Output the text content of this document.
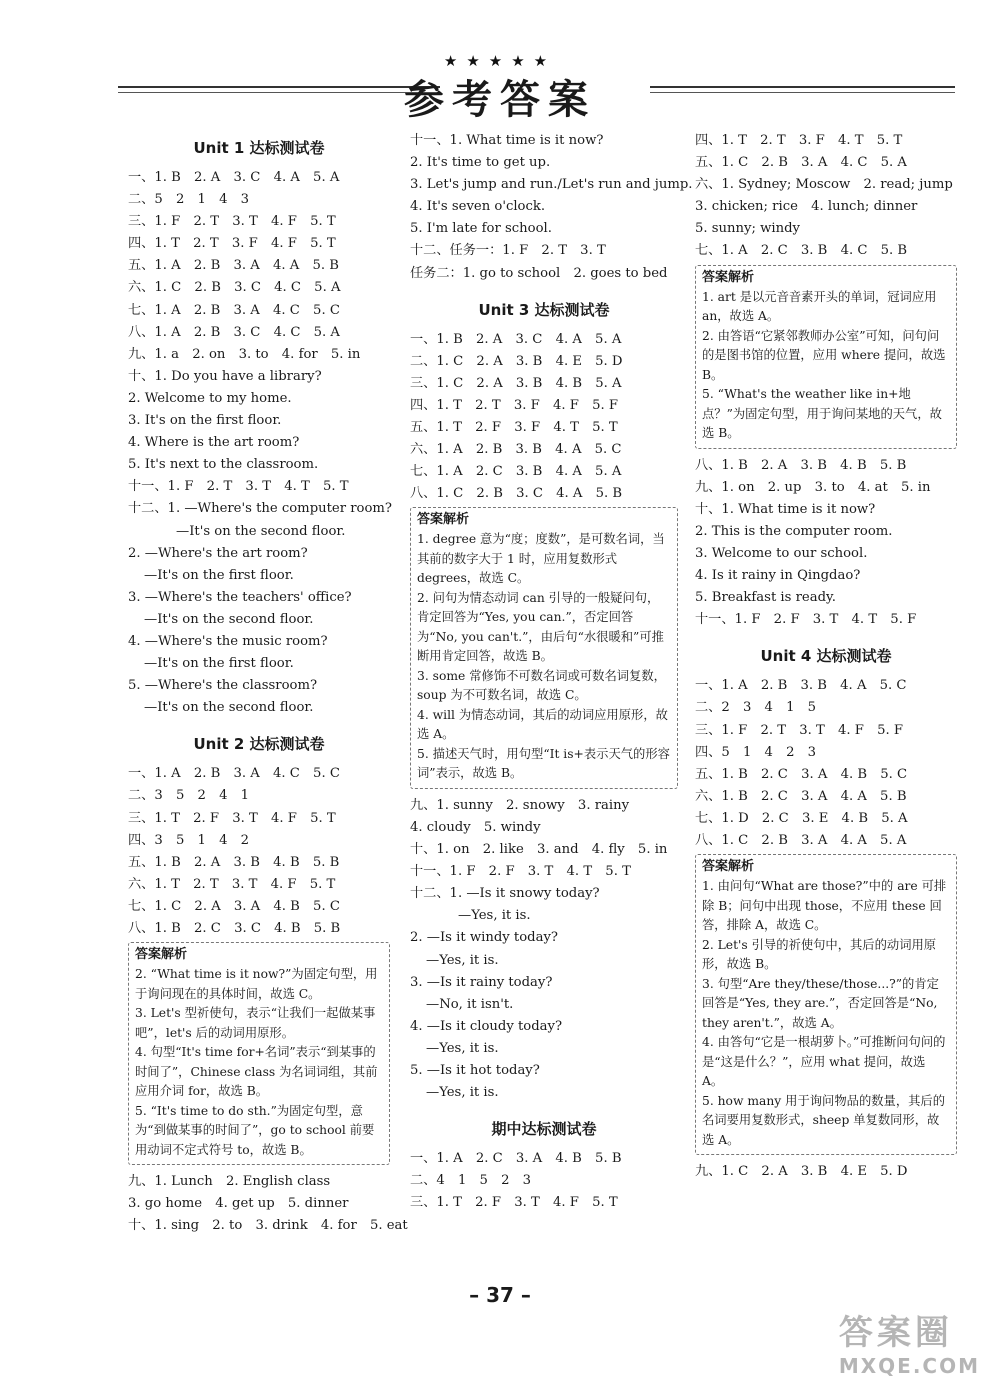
★★★★★
参考答案
Unit 1 达标测试卷
一、1. B　2. A　3. C　4. A　5. A
二、5　2　1　4　3
三、1. F　2. T　3. T　4. F　5. T
四、1. T　2. T　3. F　4. F　5. T
五、1. A　2. B　3. A　4. A　5. B
六、1. C　2. B　3. C　4. C　5. A
七、1. A　2. B　3. A　4. C　5. C
八、1. A　2. B　3. C　4. C　5. A
九、1. a　2. on　3. to　4. for　5. in
十、1. Do you have a library?
2. Welcome to my home.
3. It's on the first floor.
4. Where is the art room?
5. It's next to the classroom.
十一、1. F　2. T　3. T　4. T　5. T
十二、1. —Where's the computer room?
—It's on the second floor.
2. —Where's the art room?
—It's on the first floor.
3. —Where's the teachers' office?
—It's on the second floor.
4. —Where's the music room?
—It's on the first floor.
5. —Where's the classroom?
—It's on the second floor.
Unit 2 达标测试卷
一、1. A　2. B　3. A　4. C　5. C
二、3　5　2　4　1
三、1. T　2. F　3. T　4. F　5. T
四、3　5　1　4　2
五、1. B　2. A　3. B　4. B　5. B
六、1. T　2. T　3. T　4. F　5. T
七、1. C　2. A　3. A　4. B　5. C
八、1. B　2. C　3. C　4. B　5. B
答案解析
2. “What time is it now?”为固定句型，用于询问现在的具体时间，故选 C。
3. Let's 型祈使句，表示“让我们一起做某事吧”，let's 后的动词用原形。
4. 句型“It's time for+名词”表示“到某事的时间了”，Chinese class 为名词词组，其前应用介词 for，故选 B。
5. “It's time to do sth.”为固定句型，意为“到做某事的时间了”，go to school 前要用动词不定式符号 to，故选 B。
九、1. Lunch　2. English class
3. go home　4. get up　5. dinner
十、1. sing　2. to　3. drink　4. for　5. eat
十一、1. What time is it now?
2. It's time to get up.
3. Let's jump and run./Let's run and jump.
4. It's seven o'clock.
5. I'm late for school.
十二、任务一：1. F　2. T　3. T
任务二：1. go to school　2. goes to bed
Unit 3 达标测试卷
一、1. B　2. A　3. C　4. A　5. A
二、1. C　2. A　3. B　4. E　5. D
三、1. C　2. A　3. B　4. B　5. A
四、1. T　2. T　3. F　4. F　5. F
五、1. T　2. F　3. F　4. T　5. T
六、1. A　2. B　3. B　4. A　5. C
七、1. A　2. C　3. B　4. A　5. A
八、1. C　2. B　3. C　4. A　5. B
答案解析
1. degree 意为“度；度数”，是可数名词，当其前的数字大于 1 时，应用复数形式 degrees，故选 C。
2. 问句为情态动词 can 引导的一般疑问句，肯定回答为“Yes, you can.”，否定回答为“No, you can't.”，由后句“水很暖和”可推断用肯定回答，故选 B。
3. some 常修饰不可数名词或可数名词复数，soup 为不可数名词，故选 C。
4. will 为情态动词，其后的动词应用原形，故选 A。
5. 描述天气时，用句型“It is+表示天气的形容词”表示，故选 B。
九、1. sunny　2. snowy　3. rainy
4. cloudy　5. windy
十、1. on　2. like　3. and　4. fly　5. in
十一、1. F　2. F　3. T　4. T　5. T
十二、1. —Is it snowy today?
—Yes, it is.
2. —Is it windy today?
—Yes, it is.
3. —Is it rainy today?
—No, it isn't.
4. —Is it cloudy today?
—Yes, it is.
5. —Is it hot today?
—Yes, it is.
期中达标测试卷
一、1. A　2. C　3. A　4. B　5. B
二、4　1　5　2　3
三、1. T　2. F　3. T　4. F　5. T
四、1. T　2. T　3. F　4. T　5. T
五、1. C　2. B　3. A　4. C　5. A
六、1. Sydney; Moscow　2. read; jump
3. chicken; rice　4. lunch; dinner
5. sunny; windy
七、1. A　2. C　3. B　4. C　5. B
答案解析
1. art 是以元音音素开头的单词，冠词应用 an，故选 A。
2. 由答语“它紧邻教师办公室”可知，问句问的是图书馆的位置，应用 where 提问，故选 B。
5. “What's the weather like in+地点？”为固定句型，用于询问某地的天气，故选 B。
八、1. B　2. A　3. B　4. B　5. B
九、1. on　2. up　3. to　4. at　5. in
十、1. What time is it now?
2. This is the computer room.
3. Welcome to our school.
4. Is it rainy in Qingdao?
5. Breakfast is ready.
十一、1. F　2. F　3. T　4. T　5. F
Unit 4 达标测试卷
一、1. A　2. B　3. B　4. A　5. C
二、2　3　4　1　5
三、1. F　2. T　3. T　4. F　5. F
四、5　1　4　2　3
五、1. B　2. C　3. A　4. B　5. C
六、1. B　2. C　3. A　4. A　5. B
七、1. D　2. C　3. E　4. B　5. A
八、1. C　2. B　3. A　4. A　5. A
答案解析
1. 由问句“What are those?”中的 are 可排除 B；问句中出现 those，不应用 these 回答，排除 A，故选 C。
2. Let's 引导的祈使句中，其后的动词用原形，故选 B。
3. 句型“Are they/these/those...?”的肯定回答是“Yes, they are.”，否定回答是“No, they aren't.”，故选 A。
4. 由答句“它是一根胡萝卜。”可推断问句问的是“这是什么？”，应用 what 提问，故选 A。
5. how many 用于询问物品的数量，其后的名词要用复数形式，sheep 单复数同形，故选 A。
九、1. C　2. A　3. B　4. E　5. D
– 37 –
答案圈
MXQE.COM
